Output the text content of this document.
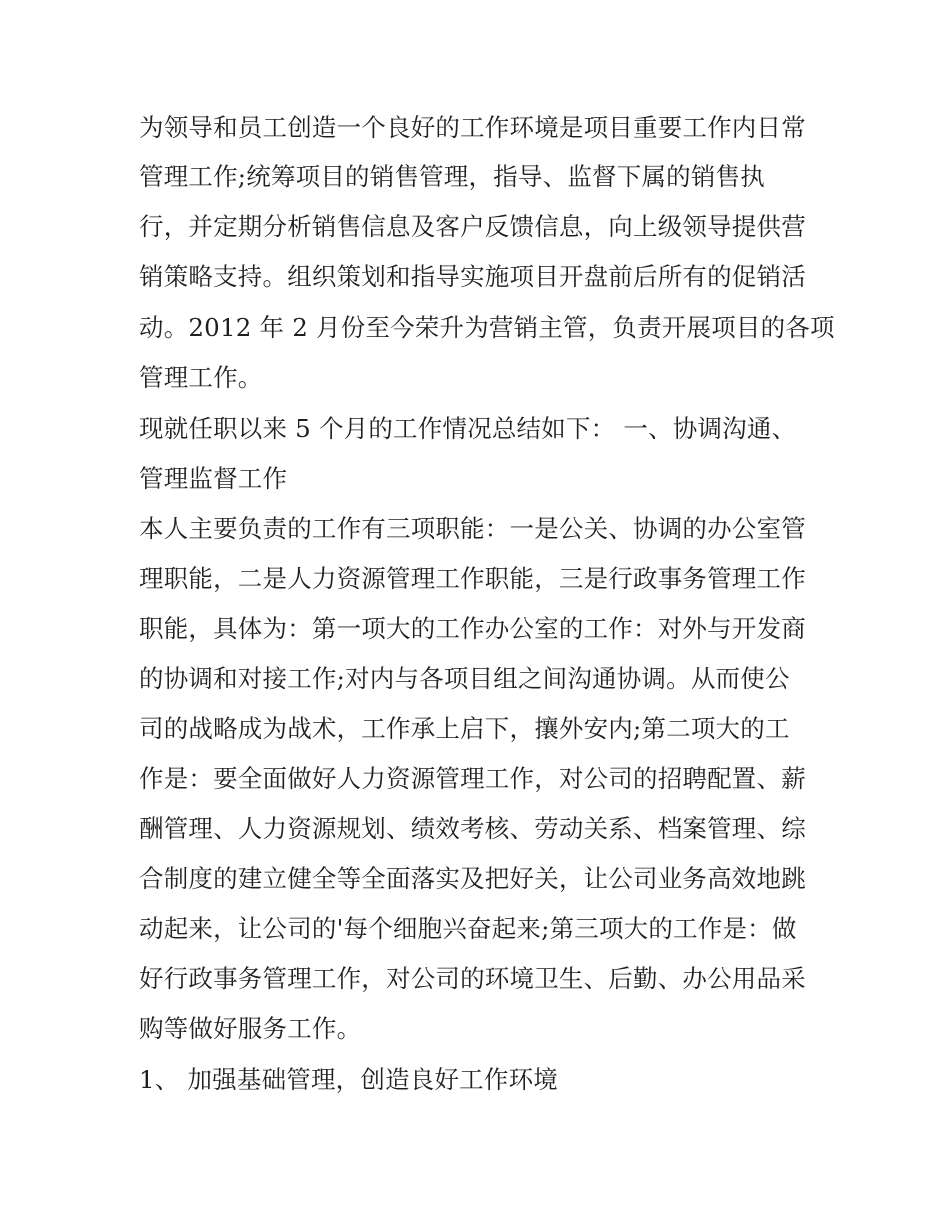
为领导和员工创造一个良好的工作环境是项目重要工作内日常
管理工作;统筹项目的销售管理，指导、监督下属的销售执
行，并定期分析销售信息及客户反馈信息，向上级领导提供营
销策略支持。组织策划和指导实施项目开盘前后所有的促销活
动。2012 年 2 月份至今荣升为营销主管，负责开展项目的各项
管理工作。
现就任职以来 5 个月的工作情况总结如下： 一、协调沟通、
管理监督工作
本人主要负责的工作有三项职能：一是公关、协调的办公室管
理职能，二是人力资源管理工作职能，三是行政事务管理工作
职能，具体为：第一项大的工作办公室的工作：对外与开发商
的协调和对接工作;对内与各项目组之间沟通协调。从而使公
司的战略成为战术，工作承上启下，攘外安内;第二项大的工
作是：要全面做好人力资源管理工作，对公司的招聘配置、薪
酬管理、人力资源规划、绩效考核、劳动关系、档案管理、综
合制度的建立健全等全面落实及把好关，让公司业务高效地跳
动起来，让公司的'每个细胞兴奋起来;第三项大的工作是：做
好行政事务管理工作，对公司的环境卫生、后勤、办公用品采
购等做好服务工作。
1、 加强基础管理，创造良好工作环境
